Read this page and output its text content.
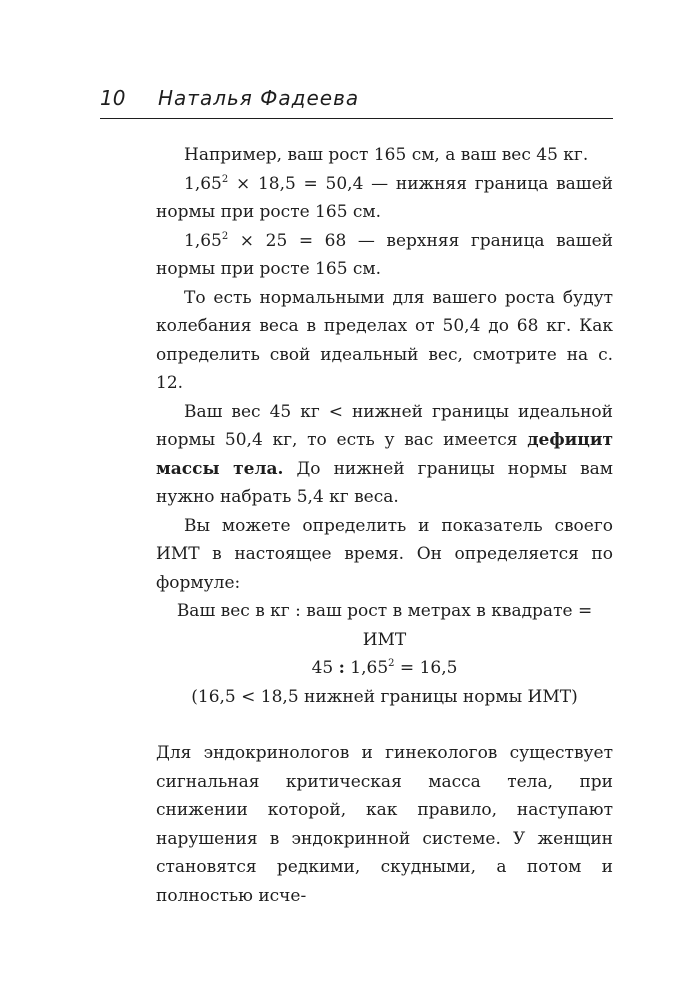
10 Наталья Фадеева

Например, ваш рост 165 см, а ваш вес 45 кг.

$1,65^2 \times 18,5 = 50,4$ — нижняя граница вашей нормы при росте 165 см.

$1,65^2 \times 25 = 68$ — верхняя граница вашей нормы при росте 165 см.

То есть нормальными для вашего роста будут колебания веса в пределах от 50,4 до 68 кг. Как определить свой идеальный вес, смотрите на с. 12.

Ваш вес 45 кг < нижней границы идеальной нормы 50,4 кг, то есть у вас имеется дефицит массы тела. До нижней границы нормы вам нужно набрать 5,4 кг веса.

Вы можете определить и показатель своего ИМТ в настоящее время. Он определяется по формуле:

Ваш вес в кг : ваш рост в метрах в квадрате =
ИМТ
45 : $1,65^2 = 16,5$
(16,5 < 18,5 нижней границы нормы ИМТ)

Для эндокринологов и гинекологов существует сигнальная критическая масса тела, при снижении которой, как правило, наступают нарушения в эндокринной системе. У женщин становятся редкими, скудными, а потом и полностью исче-
